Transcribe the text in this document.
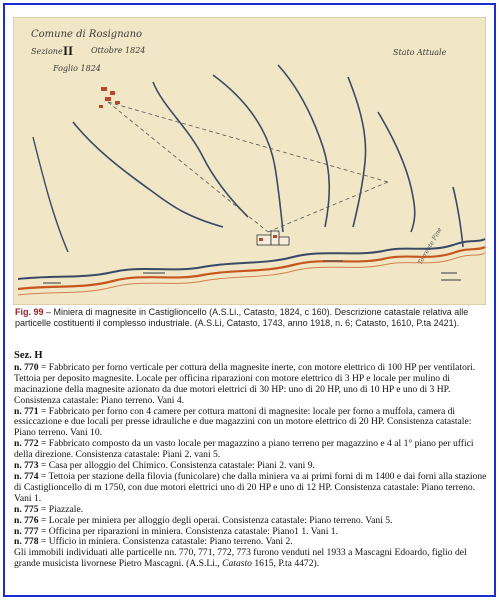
Comune di Rosignano
Sezione II Ottobre 1824
Foglio 1824
Stato Attuale
Torrente Fine
Fig. 99 – Miniera di magnesite in Castiglioncello (A.S.Li., Catasto, 1824, c 160). Descrizione catastale relativa alle particelle costituenti il complesso industriale. (A.S.Li, Catasto, 1743, anno 1918, n. 6; Catasto, 1610, P.ta 2421).

Sez. H

n. 770 = Fabbricato per forno verticale per cottura della magnesite inerte, con motore elettrico di 100 HP per ventilatori. Tettoia per deposito magnesite. Locale per officina riparazioni con motore elettrico di 3 HP e locale per mulino di macinazione della magnesite azionato da due motori elettrici di 30 HP: uno di 20 HP, uno di 10 HP e uno di 3 HP. Consistenza catastale: Piano terreno. Vani 4.

n. 771 = Fabbricato per forno con 4 camere per cottura mattoni di magnesite: locale per forno a muffola, camera di essiccazione e due locali per presse idrauliche e due magazzini con un motore elettrico di 20 HP. Consistenza catastale: Piano terreno. Vani 10.

n. 772 = Fabbricato composto da un vasto locale per magazzino a piano terreno per magazzino e 4 al 1° piano per uffici della direzione. Consistenza catastale: Piani 2. vani 5.

n. 773 = Casa per alloggio del Chimico. Consistenza catastale: Piani 2. vani 9.

n. 774 = Tettoia per stazione della filovia (funicolare) che dalla miniera va ai primi forni di m 1400 e dai forni alla stazione di Castiglioncello di m 1750, con due motori elettrici uno di 20 HP e uno di 12 HP. Consistenza catastale: Piano terreno. Vani 1.

n. 775 = Piazzale.

n. 776 = Locale per miniera per alloggio degli operai. Consistenza catastale: Piano terreno. Vani 5.

n. 777 = Officina per riparazioni in miniera. Consistenza catastale: Piano1 1. Vani 1.

n. 778 = Ufficio in miniera. Consistenza catastale: Piano terreno. Vani 2.

Gli immobili individuati alle particelle nn. 770, 771, 772, 773 furono venduti nel 1933 a Mascagni Edoardo, figlio del grande musicista livornese Pietro Mascagni. (A.S.Li., Catasto 1615, P.ta 4472).
